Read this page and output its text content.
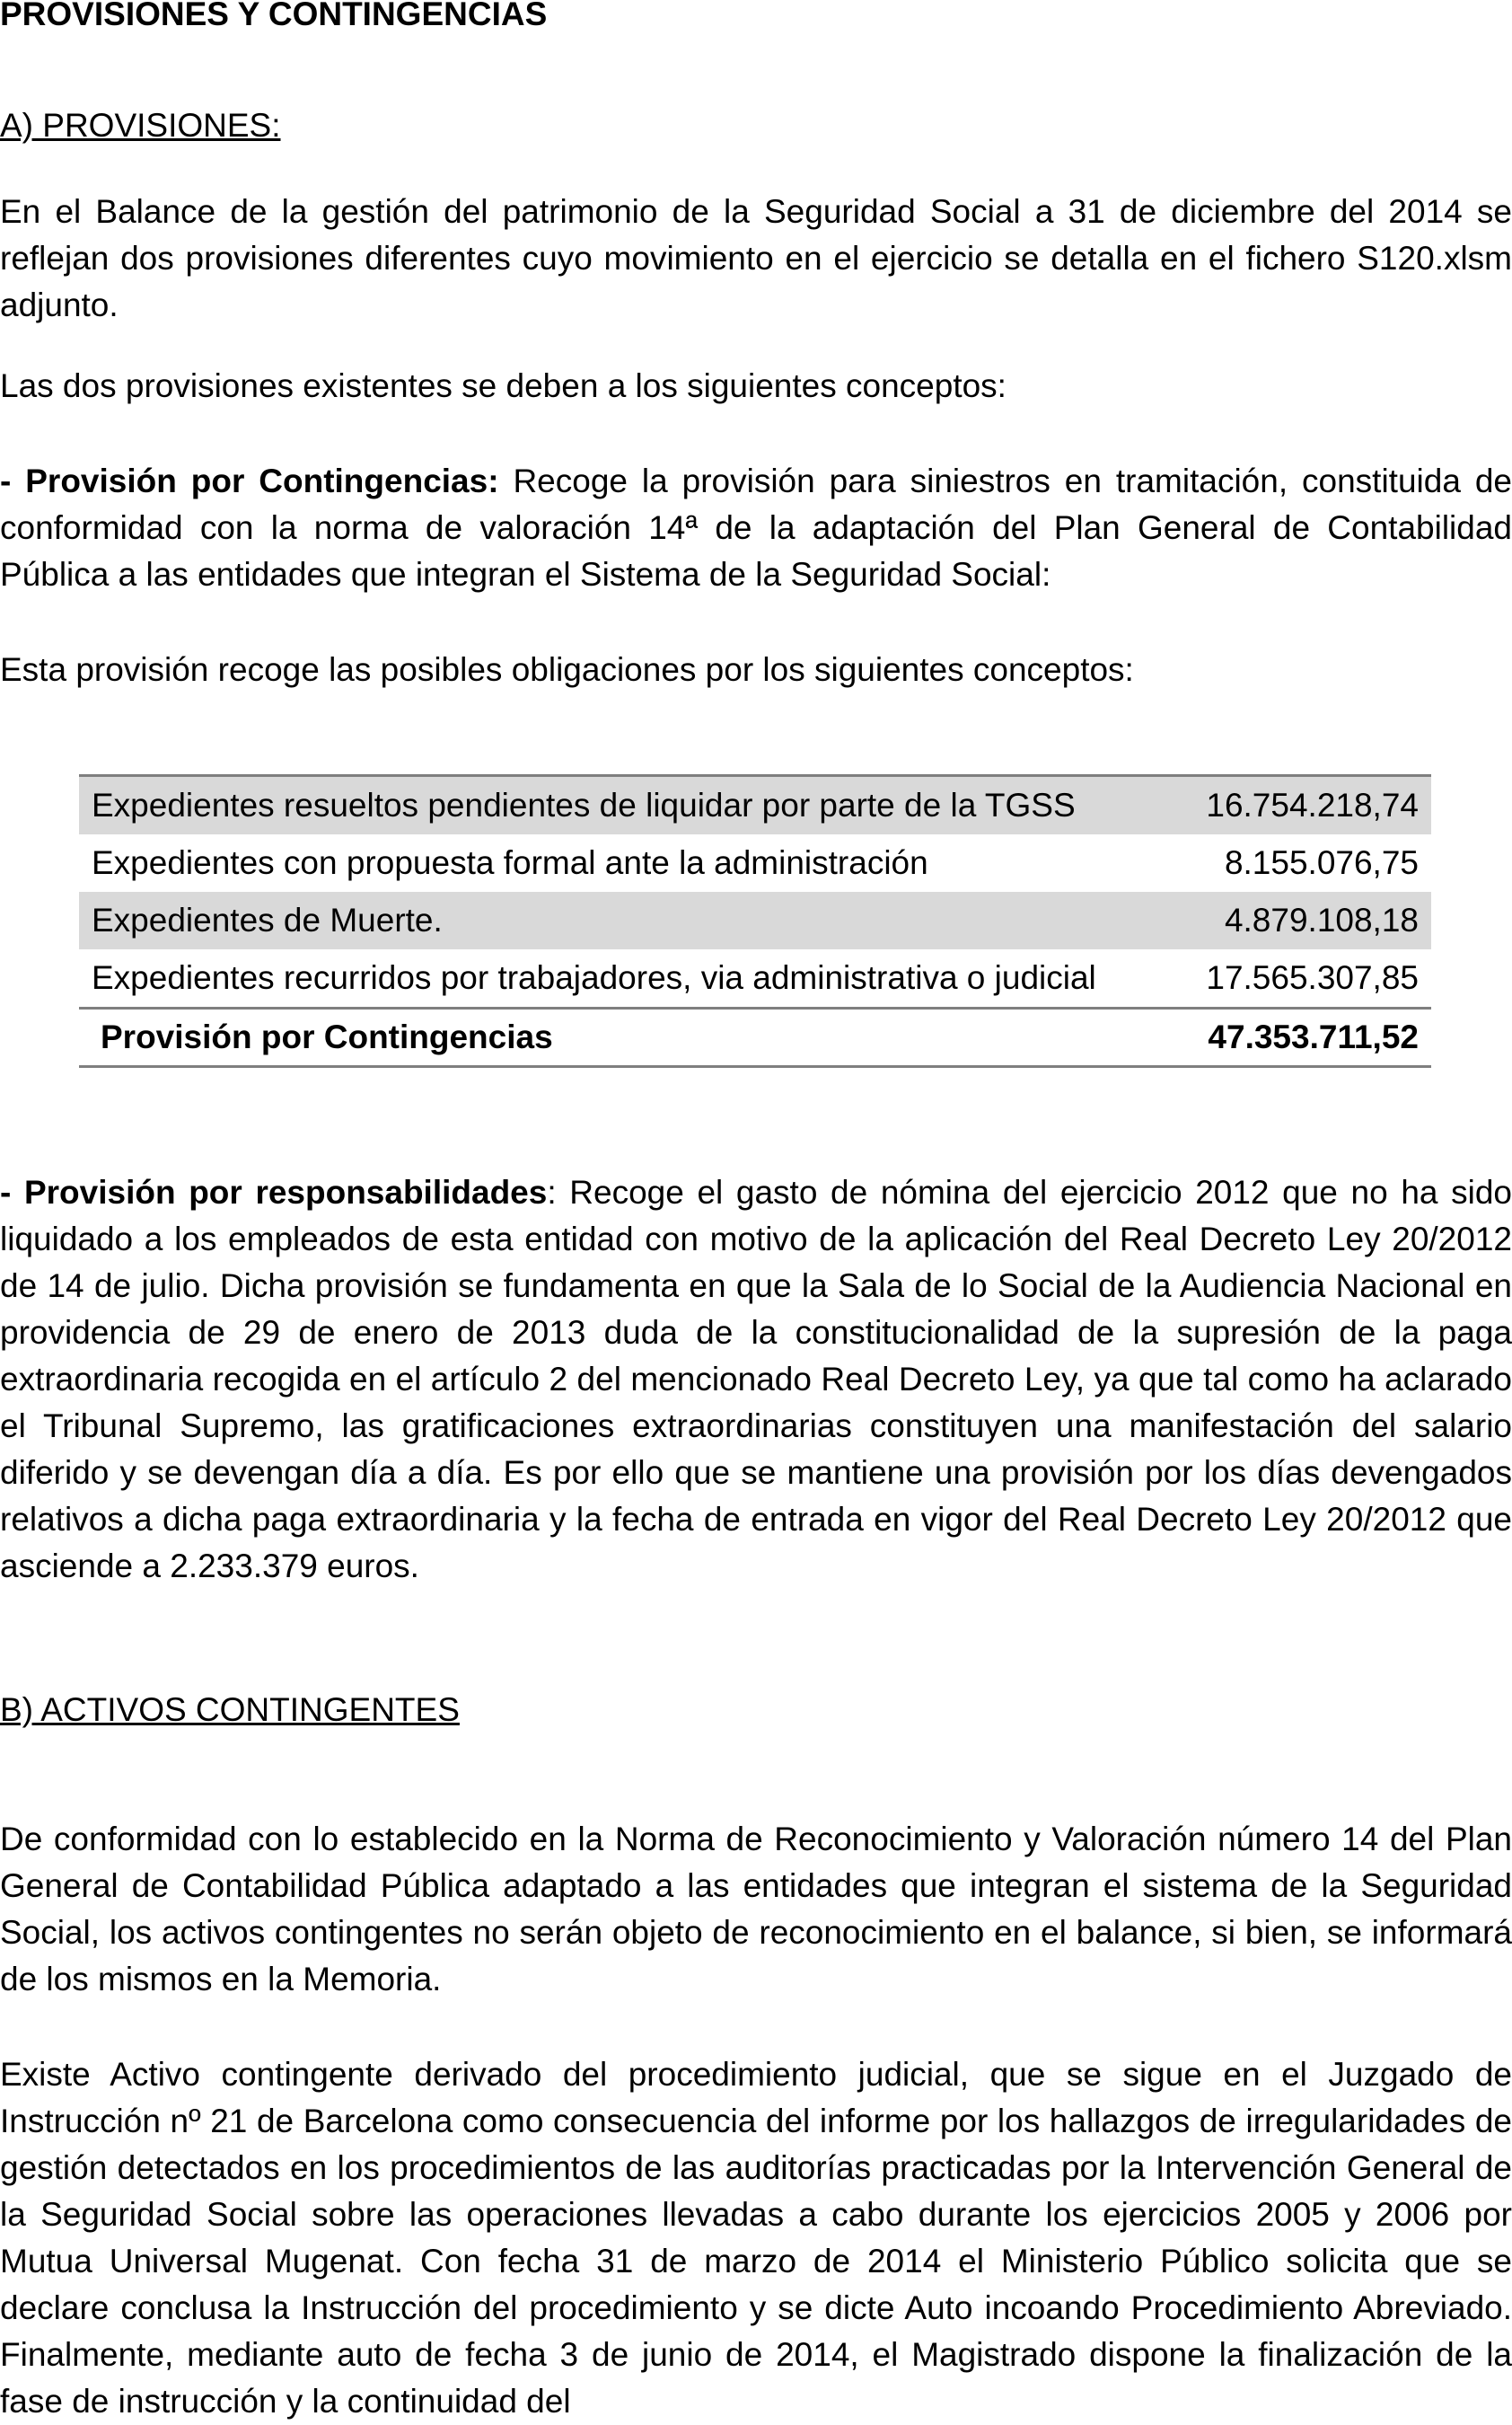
PROVISIONES Y CONTINGENCIAS
A) PROVISIONES:
En el Balance de la gestión del patrimonio de la Seguridad Social a 31 de diciembre del 2014 se reflejan dos provisiones diferentes cuyo movimiento en el ejercicio se detalla en el fichero S120.xlsm adjunto.
Las dos provisiones existentes se deben a los siguientes conceptos:
- Provisión por Contingencias: Recoge la provisión para siniestros en tramitación, constituida de conformidad con la norma de valoración 14ª de la adaptación del Plan General de Contabilidad Pública a las entidades que integran el Sistema de la Seguridad Social:
Esta provisión recoge las posibles obligaciones por los siguientes conceptos:
Expedientes resueltos pendientes de liquidar por parte de la TGSS	16.754.218,74
Expedientes con propuesta formal ante la administración	8.155.076,75
Expedientes de Muerte.	4.879.108,18
Expedientes recurridos por trabajadores, via administrativa o judicial	17.565.307,85
Provisión por Contingencias	47.353.711,52
- Provisión por responsabilidades: Recoge el gasto de nómina del ejercicio 2012 que no ha sido liquidado a los empleados de esta entidad con motivo de la aplicación del Real Decreto Ley 20/2012 de 14 de julio. Dicha provisión se fundamenta en que la Sala de lo Social de la Audiencia Nacional en providencia de 29 de enero de 2013 duda de la constitucionalidad de la supresión de la paga extraordinaria recogida en el artículo 2 del mencionado Real Decreto Ley, ya que tal como ha aclarado el Tribunal Supremo, las gratificaciones extraordinarias constituyen una manifestación del salario diferido y se devengan día a día. Es por ello que se mantiene una provisión por los días devengados relativos a dicha paga extraordinaria y la fecha de entrada en vigor del Real Decreto Ley 20/2012 que asciende a 2.233.379 euros.
B) ACTIVOS CONTINGENTES
De conformidad con lo establecido en la Norma de Reconocimiento y Valoración número 14 del Plan General de Contabilidad Pública adaptado a las entidades que integran el sistema de la Seguridad Social, los activos contingentes no serán objeto de reconocimiento en el balance, si bien, se informará de los mismos en la Memoria.
Existe Activo contingente derivado del procedimiento judicial, que se sigue en el Juzgado de Instrucción nº 21 de Barcelona como consecuencia del informe por los hallazgos de irregularidades de gestión detectados en los procedimientos de las auditorías practicadas por la Intervención General de la Seguridad Social sobre las operaciones llevadas a cabo durante los ejercicios 2005 y 2006 por Mutua Universal Mugenat. Con fecha 31 de marzo de 2014 el Ministerio Público solicita que se declare conclusa la Instrucción del procedimiento y se dicte Auto incoando Procedimiento Abreviado. Finalmente, mediante auto de fecha 3 de junio de 2014, el Magistrado dispone la finalización de la fase de instrucción y la continuidad del
